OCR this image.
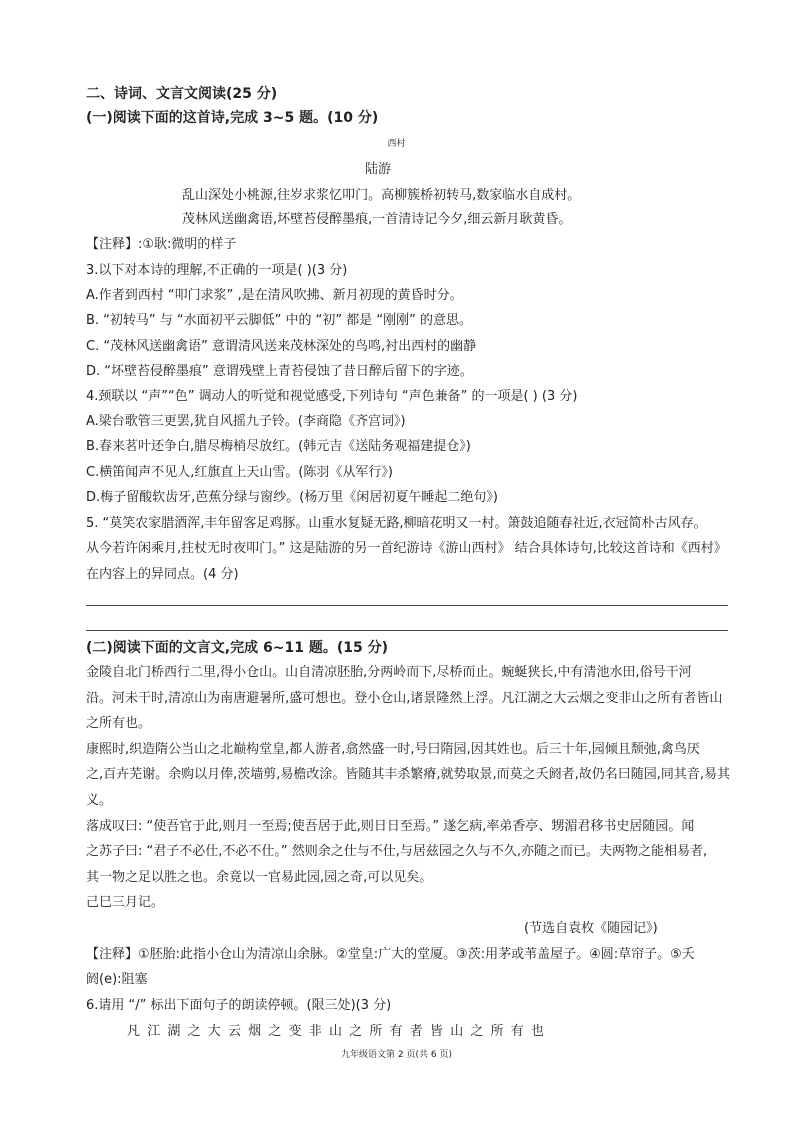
二、诗词、文言文阅读(25 分)
(一)阅读下面的这首诗,完成 3~5 题。(10 分)
西村
陆游
乱山深处小桃源,往岁求浆忆叩门。高柳簇桥初转马,数家临水自成村。
茂林风送幽禽语,坏壁苔侵醉墨痕,一首清诗记今夕,细云新月耿黄昏。
【注释】:①耿:微明的样子
3.以下对本诗的理解,不正确的一项是( )(3 分)
A.作者到西村 “叩门求浆” ,是在清风吹拂、新月初现的黄昏时分。
B. “初转马” 与 “水面初平云脚低” 中的 “初” 都是 “刚刚” 的意思。
C. “茂林风送幽禽语” 意谓清风送来茂林深处的鸟鸣,衬出西村的幽静
D. “坏壁苔侵醉墨痕” 意谓残壁上青苔侵蚀了昔日醉后留下的字迹。
4.颈联以 “声”“色” 调动人的听觉和视觉感受,下列诗句 “声色兼备” 的一项是( ) (3 分)
A.梁台歌管三更罢,犹自风摇九子铃。(李商隐《齐宫词》)
B.春来茗叶还争白,腊尽梅梢尽放红。(韩元吉《送陆务观福建提仓》)
C.横笛闻声不见人,红旗直上天山雪。(陈羽《从军行》)
D.梅子留酸软齿牙,芭蕉分绿与窗纱。(杨万里《闲居初夏午睡起二绝句》)
5. “莫笑农家腊酒浑,丰年留客足鸡豚。山重水复疑无路,柳暗花明又一村。箫鼓追随春社近,衣冠简朴古风存。
从今若许闲乘月,拄杖无时夜叩门。” 这是陆游的另一首纪游诗《游山西村》 结合具体诗句,比较这首诗和《西村》
在内容上的异同点。(4 分)
(二)阅读下面的文言文,完成 6~11 题。(15 分)
金陵自北门桥西行二里,得小仓山。山自清凉胚胎,分两岭而下,尽桥而止。蜿蜒狭长,中有清池水田,俗号干河
沿。河未干时,清凉山为南唐避暑所,盛可想也。登小仓山,诸景隆然上浮。凡江湖之大云烟之变非山之所有者皆山
之所有也。
康熙时,织造隋公当山之北巅构堂皇,都人游者,翕然盛一时,号曰隋园,因其姓也。后三十年,园倾且颓弛,禽鸟厌
之,百卉芜谢。余购以月俸,茨墙剪,易檐改涂。皆随其丰杀繁瘠,就势取景,而莫之夭阏者,故仍名曰随园,同其音,易其
义。
落成叹曰: “使吾官于此,则月一至焉;使吾居于此,则日日至焉。” 遂乞病,率弟香亭、甥湄君移书史居随园。闻
之苏子曰: “君子不必仕,不必不仕。” 然则余之仕与不仕,与居兹园之久与不久,亦随之而已。夫两物之能相易者,
其一物之足以胜之也。余竟以一官易此园,园之奇,可以见矣。
己巳三月记。
(节选自袁枚《随园记》)
【注释】①胚胎:此指小仓山为清凉山余脉。②堂皇:广大的堂厦。③茨:用茅或苇盖屋子。④圆:草帘子。⑤夭
阏(e):阻塞
6.请用 “/” 标出下面句子的朗读停顿。(限三处)(3 分)
凡江湖之大云烟之变非山之所有者皆山之所有也
九年级语文第 2 页(共 6 页)
